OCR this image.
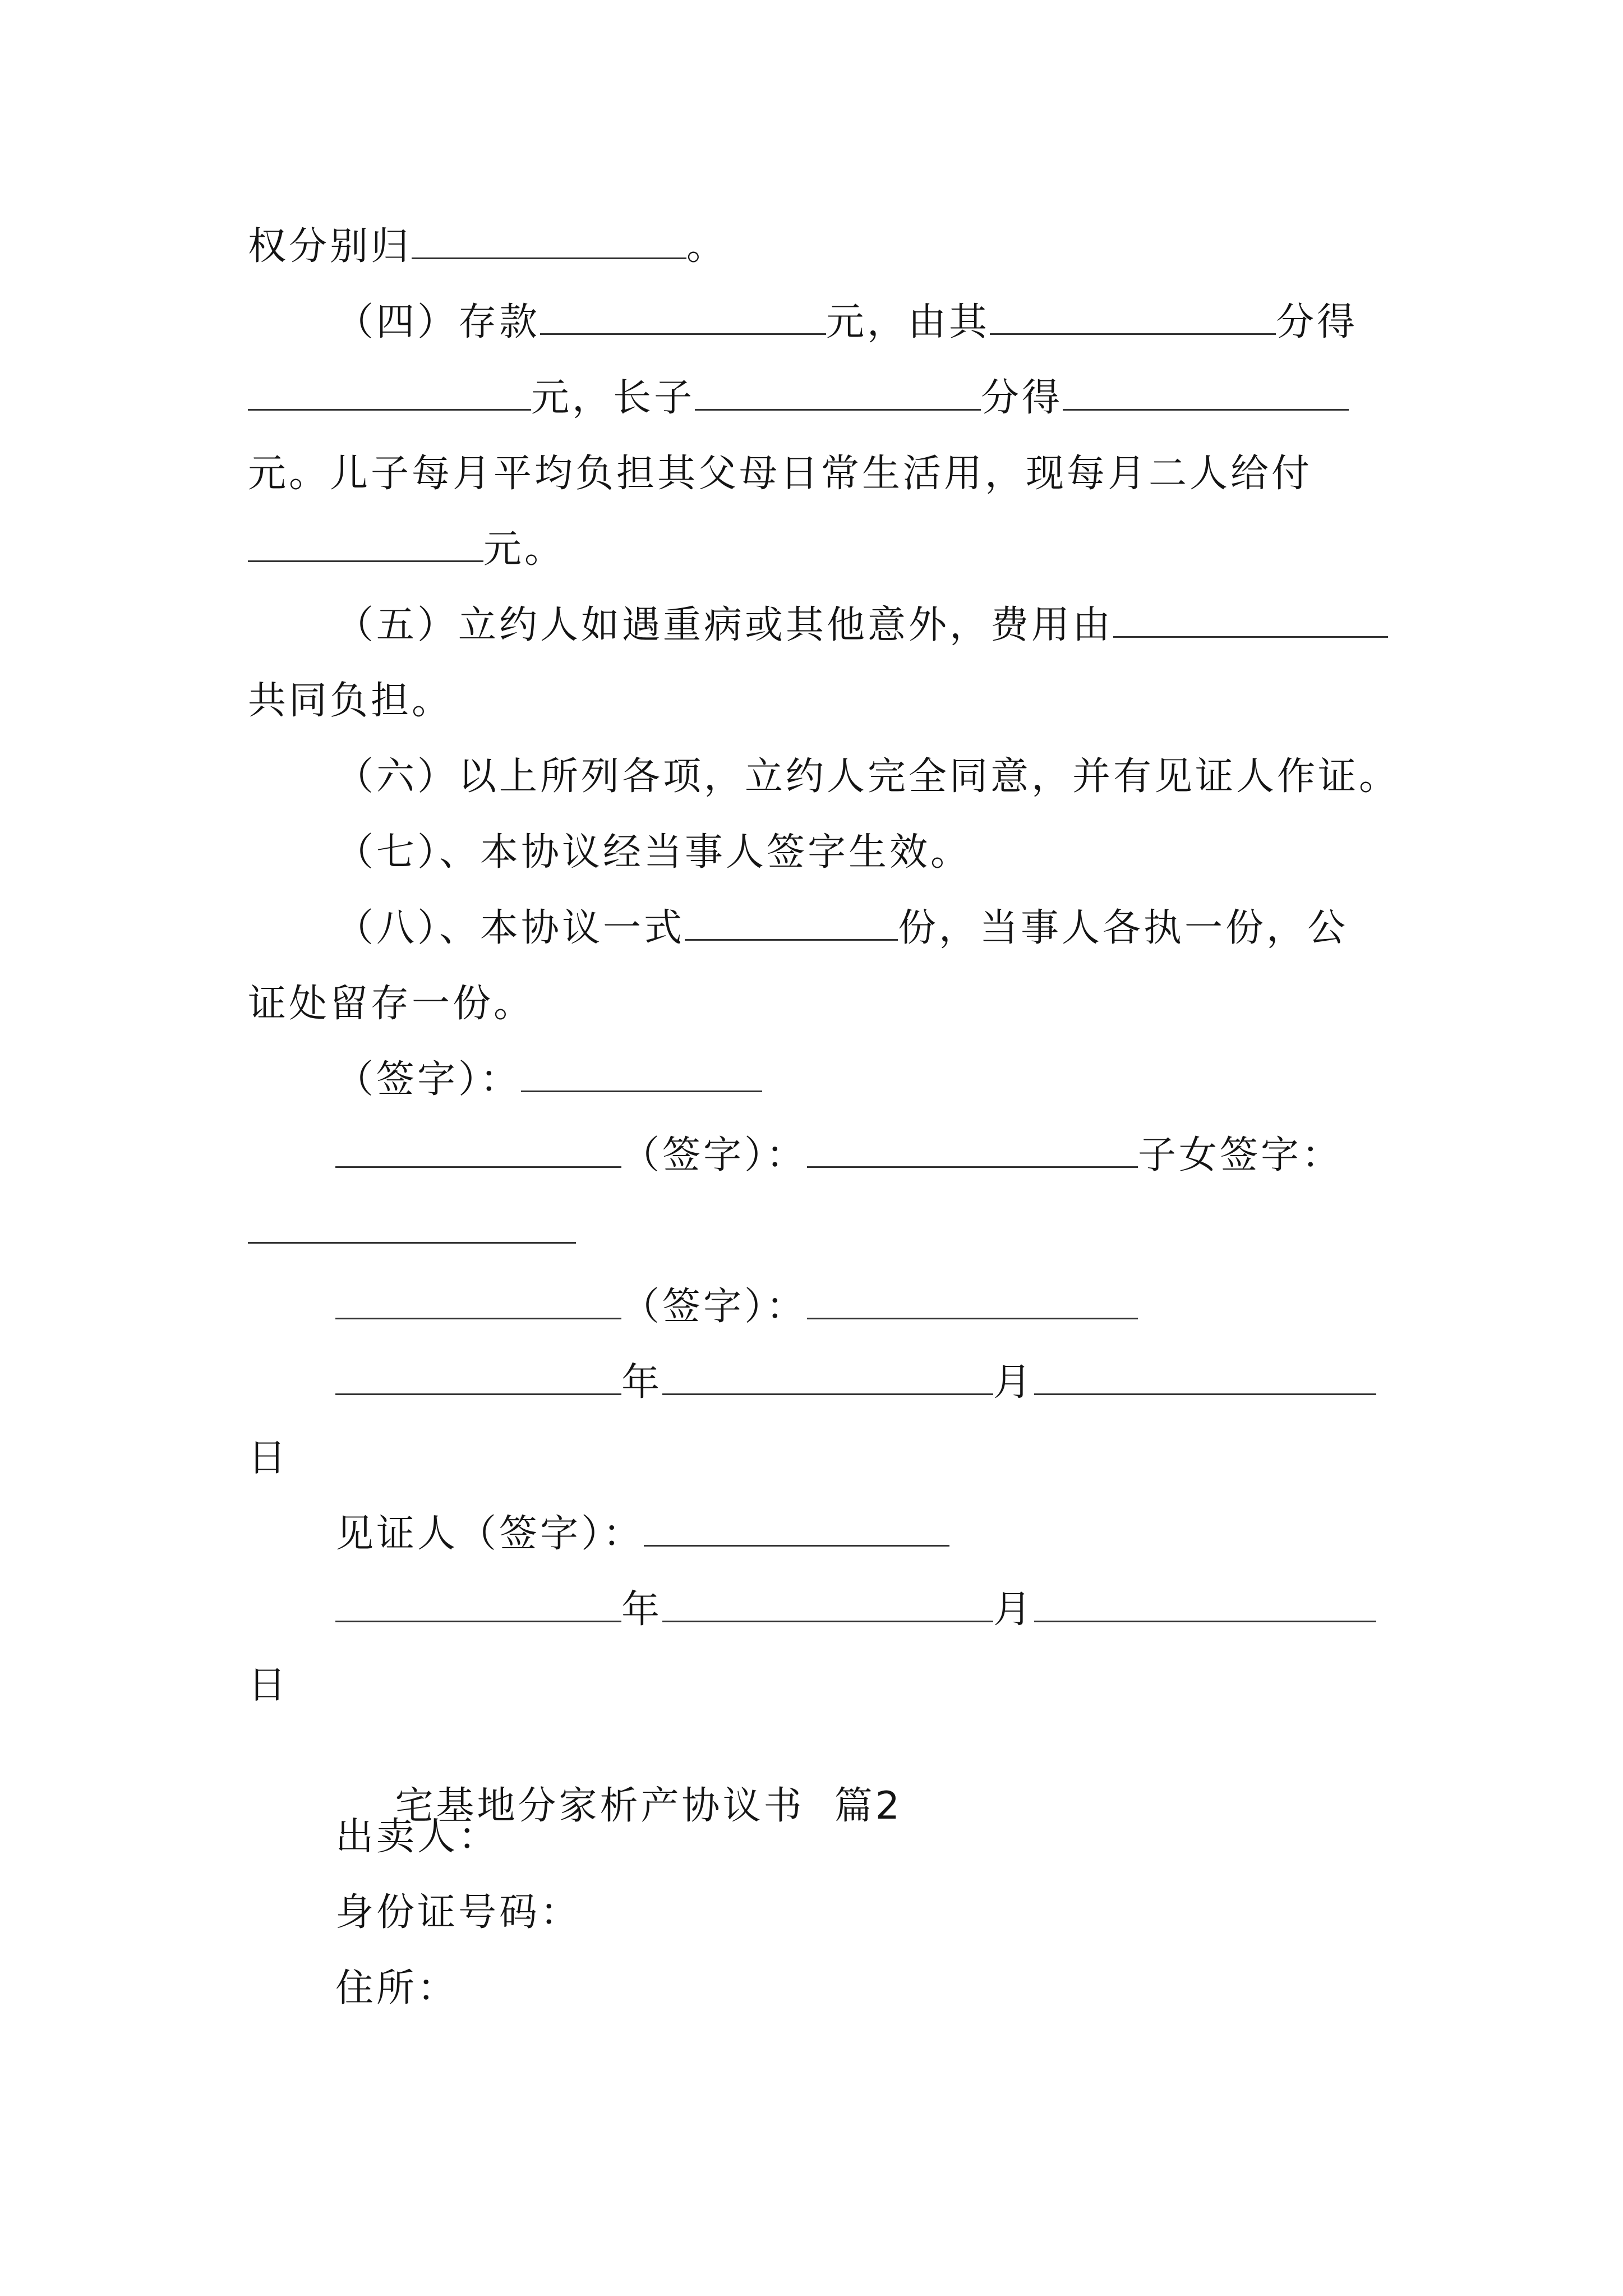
权分别归	。
（四）存款	元，由其	分得
元，长子	分得
元。儿子每月平均负担其父母日常生活用，现每月二人给付
元。
（五）立约人如遇重病或其他意外，费用由
共同负担。
（六）以上所列各项，立约人完全同意，并有见证人作证。
（七）、本协议经当事人签字生效。
（八）、本协议一式	份，当事人各执一份，公
证处留存一份。
（签字）：
（签字）：	子女签字：
（签字）：
年	月
日
见证人（签字）：
年	月
日

宅基地分家析产协议书  篇2

出卖人：
身份证号码：
住所：
